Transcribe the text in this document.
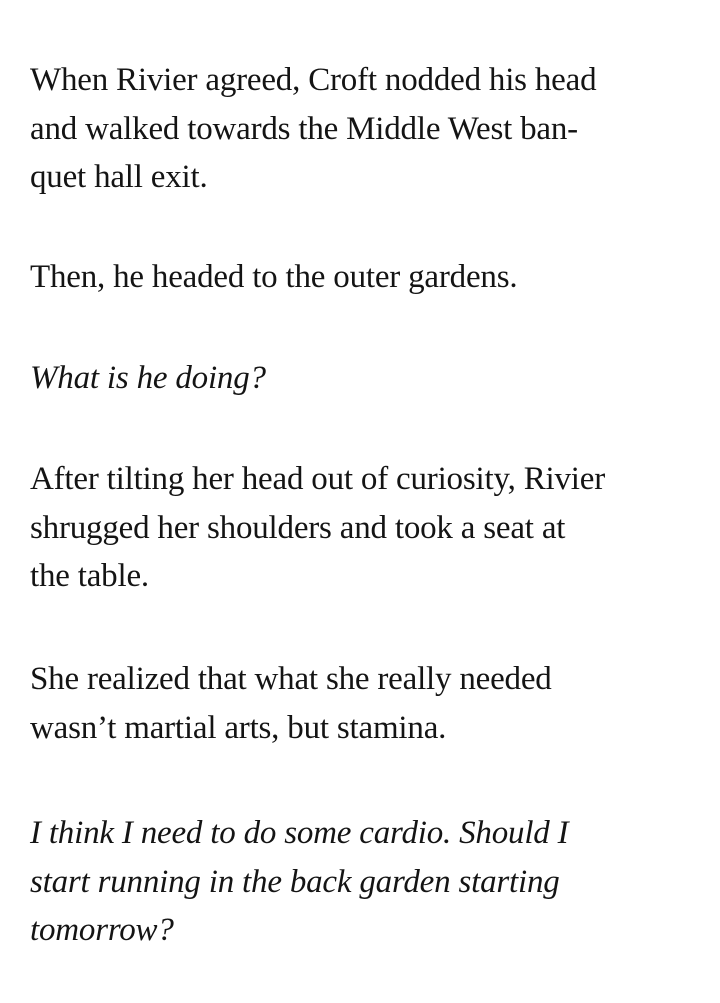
When Rivier agreed, Croft nodded his head
and walked towards the Middle West ban-
quet hall exit.

Then, he headed to the outer gardens.

What is he doing?

After tilting her head out of curiosity, Rivier
shrugged her shoulders and took a seat at
the table.

She realized that what she really needed
wasn’t martial arts, but stamina.

I think I need to do some cardio. Should I
start running in the back garden starting
tomorrow?
